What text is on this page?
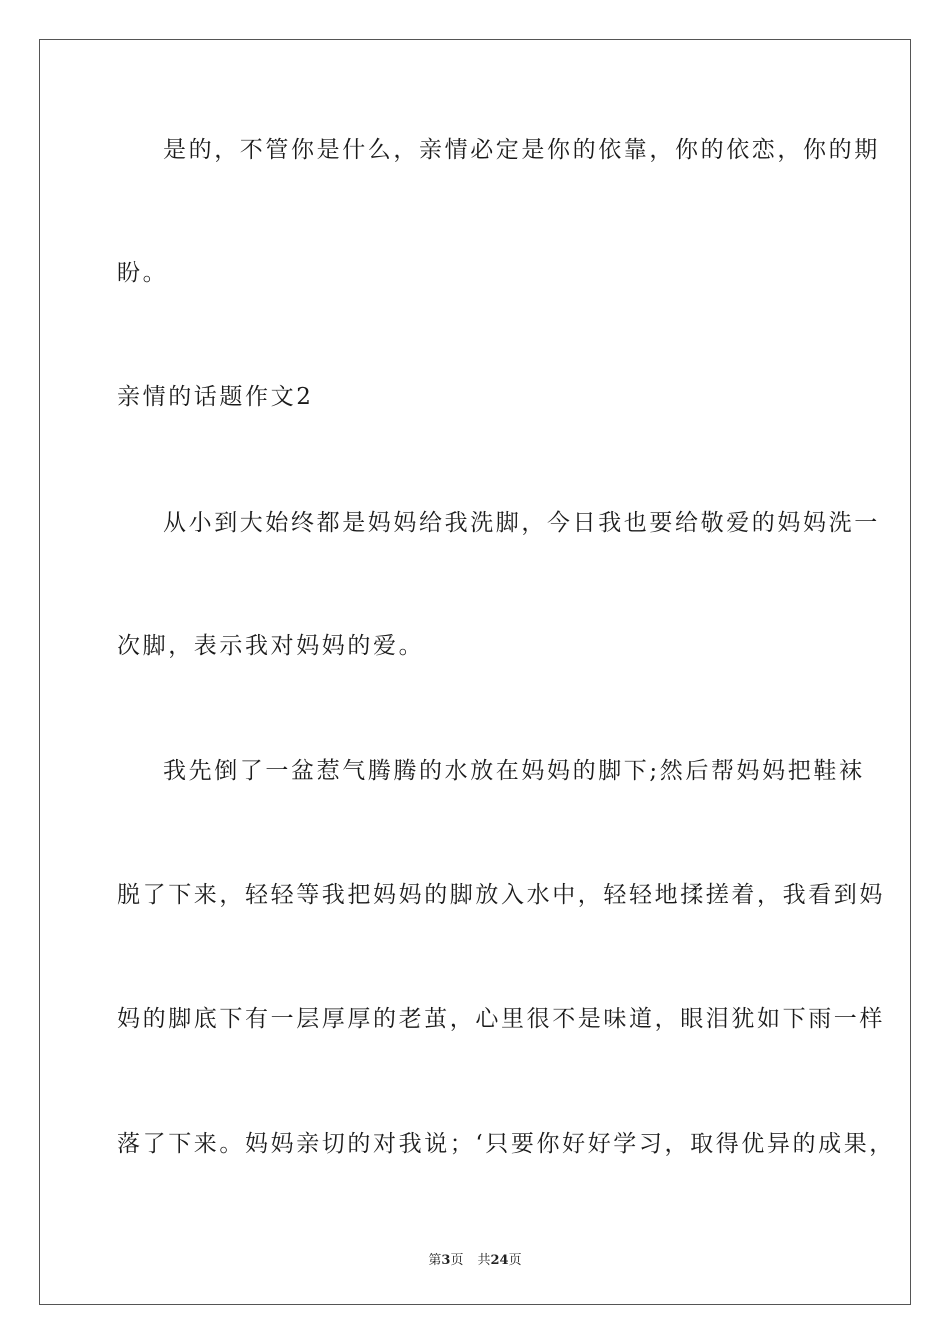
是的，不管你是什么，亲情必定是你的依靠，你的依恋，你的期
盼。
亲情的话题作文2
从小到大始终都是妈妈给我洗脚，今日我也要给敬爱的妈妈洗一
次脚，表示我对妈妈的爱。
我先倒了一盆惹气腾腾的水放在妈妈的脚下;然后帮妈妈把鞋袜
脱了下来，轻轻等我把妈妈的脚放入水中，轻轻地揉搓着，我看到妈
妈的脚底下有一层厚厚的老茧，心里很不是味道，眼泪犹如下雨一样
落了下来。妈妈亲切的对我说；‘只要你好好学习，取得优异的成果，
第3页 共24页
